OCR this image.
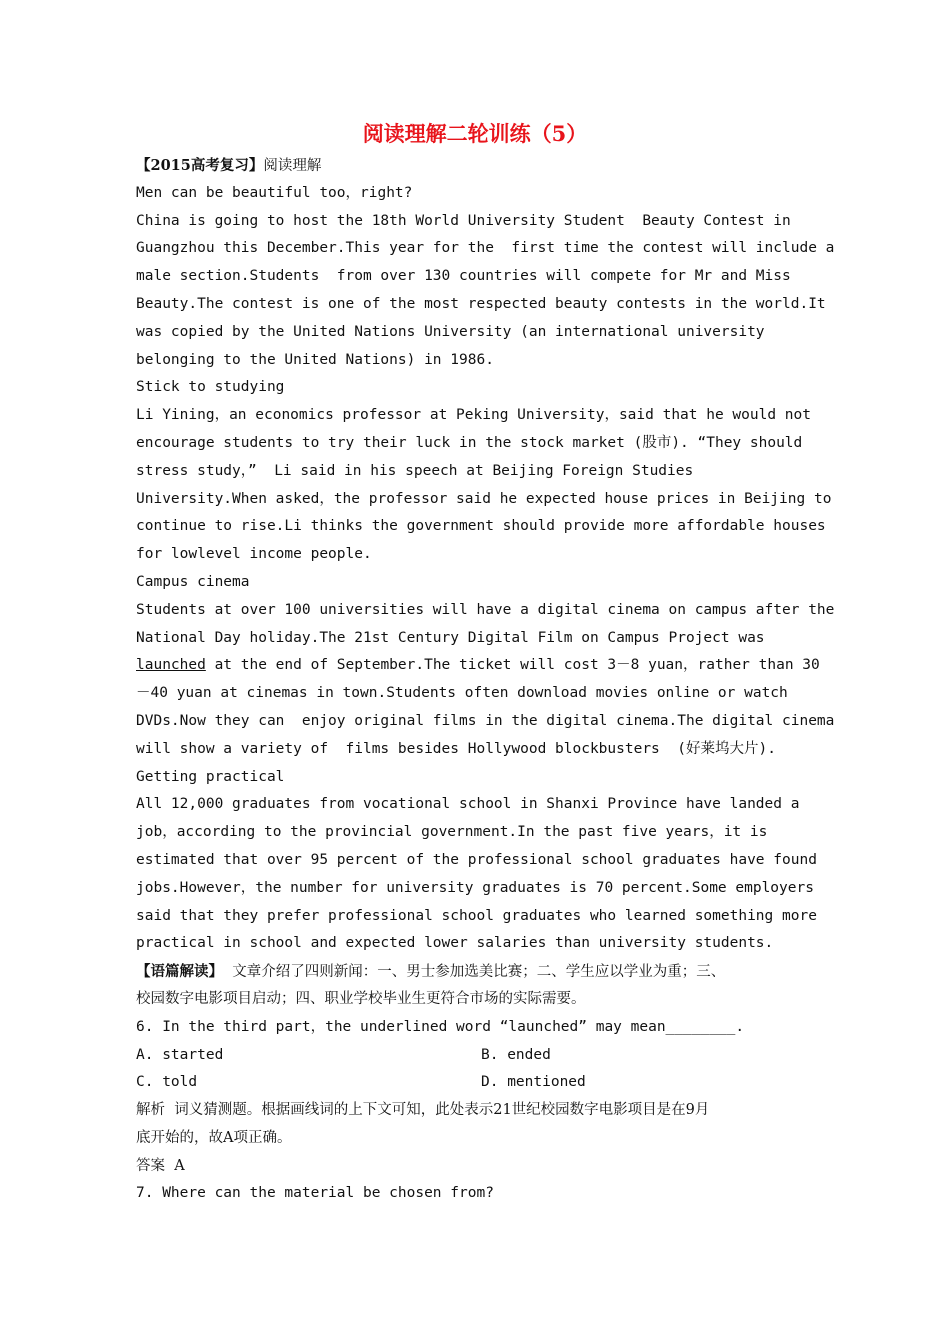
阅读理解二轮训练（5）
【2015高考复习】阅读理解
Men can be beautiful too，right?
China is going to host the 18th World University Student  Beauty Contest in
Guangzhou this December.This year for the  first time the contest will include a
male section.Students  from over 130 countries will compete for Mr and Miss
Beauty.The contest is one of the most respected beauty contests in the world.It
was copied by the United Nations University (an international university
belonging to the United Nations) in 1986.
Stick to studying
Li Yining，an economics professor at Peking University，said that he would not
encourage students to try their luck in the stock market (股市). “They should
stress study，”  Li said in his speech at Beijing Foreign Studies
University.When asked，the professor said he expected house prices in Beijing to
continue to rise.Li thinks the government should provide more affordable houses
for lowlevel income people.
Campus cinema
Students at over 100 universities will have a digital cinema on campus after the
National Day holiday.The 21st Century Digital Film on Campus Project was
launched at the end of September.The ticket will cost 3－8 yuan，rather than 30
－40 yuan at cinemas in town.Students often download movies online or watch
DVDs.Now they can  enjoy original films in the digital cinema.The digital cinema
will show a variety of  films besides Hollywood blockbusters  (好莱坞大片).
Getting practical
All 12,000 graduates from vocational school in Shanxi Province have landed a
job，according to the provincial government.In the past five years，it is
estimated that over 95 percent of the professional school graduates have found
jobs.However，the number for university graduates is 70 percent.Some employers
said that they prefer professional school graduates who learned something more
practical in school and expected lower salaries than university students.
【语篇解读】  文章介绍了四则新闻：一、男士参加选美比赛；二、学生应以学业为重；三、
校园数字电影项目启动；四、职业学校毕业生更符合市场的实际需要。
6. In the third part，the underlined word “launched” may mean________.
A. started	B. ended
C. told	D. mentioned
解析  词义猜测题。根据画线词的上下文可知，此处表示21世纪校园数字电影项目是在9月
底开始的，故A项正确。
答案  A
7. Where can the material be chosen from?
